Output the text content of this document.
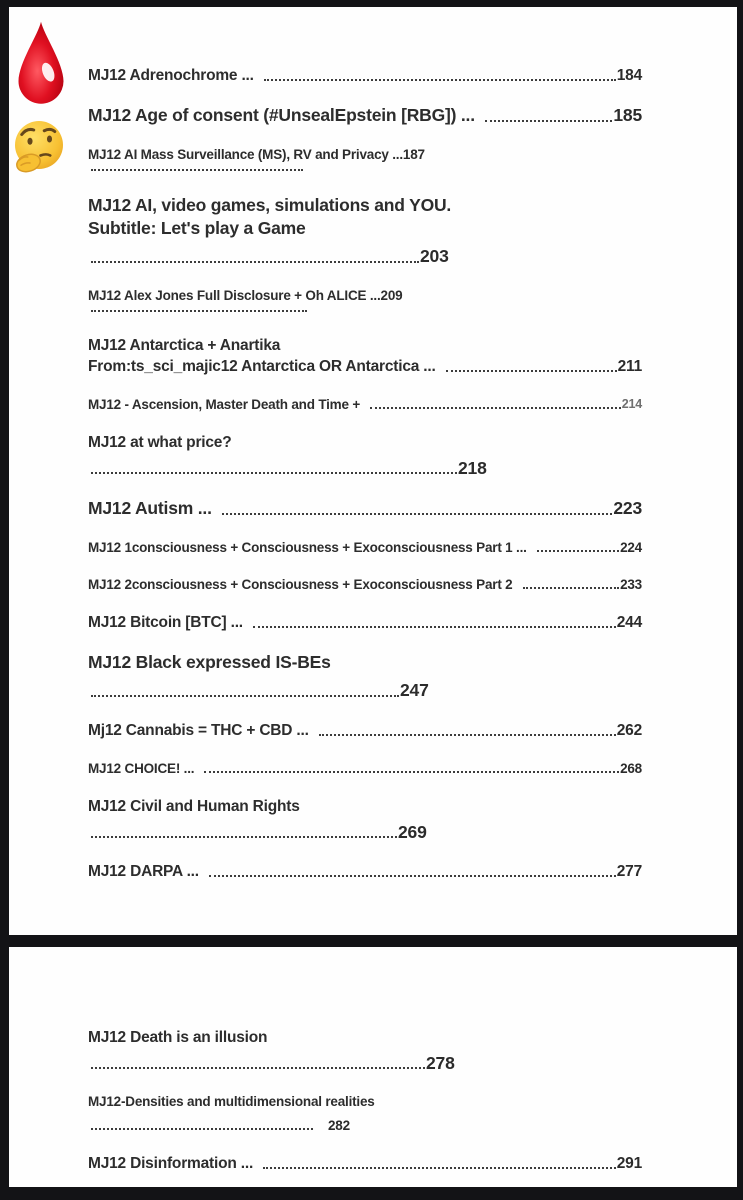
MJ12 Adrenochrome ...	184
MJ12 Age of consent (#UnsealEpstein [RBG]) ...	185
MJ12 AI Mass Surveillance (MS), RV and Privacy ...187
MJ12 AI, video games, simulations and YOU.
Subtitle: Let's play a Game
203
MJ12 Alex Jones Full Disclosure + Oh ALICE ...209
MJ12 Antarctica + Anartika
From:ts_sci_majic12 Antarctica OR Antarctica ...	211
MJ12 - Ascension, Master Death and Time +	214
MJ12 at what price?
218
MJ12 Autism ...	223
MJ12 1consciousness + Consciousness + Exoconsciousness Part 1 ...	224
MJ12 2consciousness + Consciousness + Exoconsciousness Part 2	233
MJ12 Bitcoin [BTC] ...	244
MJ12 Black expressed IS-BEs
247
Mj12 Cannabis = THC + CBD ...	262
MJ12 CHOICE! ...	268
MJ12 Civil and Human Rights
269
MJ12 DARPA ...	277
MJ12 Death is an illusion
278
MJ12-Densities and multidimensional realities
282
MJ12 Disinformation ...	291
